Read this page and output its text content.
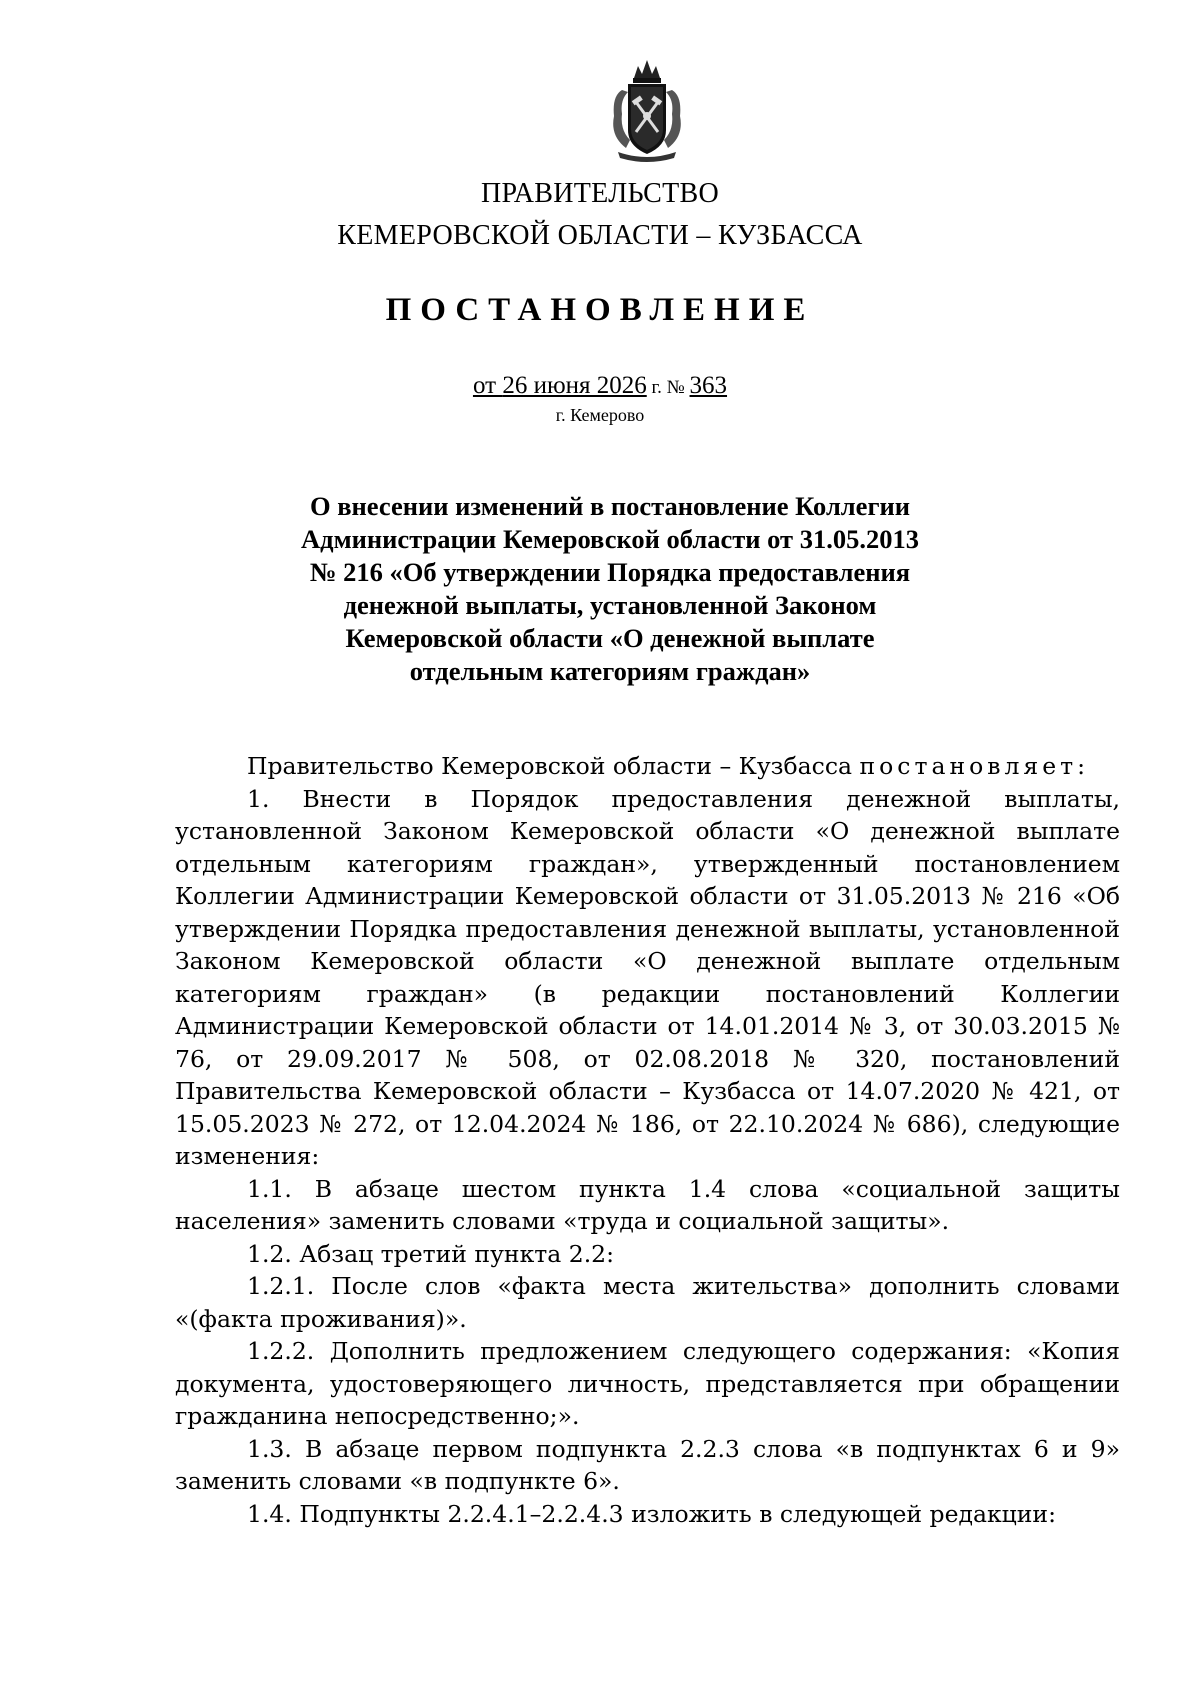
ПРАВИТЕЛЬСТВО
КЕМЕРОВСКОЙ ОБЛАСТИ – КУЗБАССА
ПОСТАНОВЛЕНИЕ
от 26 июня 2026 г. № 363
г. Кемерово
О внесении изменений в постановление Коллегии
Администрации Кемеровской области от 31.05.2013
№ 216 «Об утверждении Порядка предоставления
денежной выплаты, установленной Законом
Кемеровской области «О денежной выплате
отдельным категориям граждан»

Правительство Кемеровской области – Кузбасса постановляет:

1. Внести в Порядок предоставления денежной выплаты, установленной Законом Кемеровской области «О денежной выплате отдельным категориям граждан», утвержденный постановлением Коллегии Администрации Кемеровской области от 31.05.2013 № 216 «Об утверждении Порядка предоставления денежной выплаты, установленной Законом Кемеровской области «О денежной выплате отдельным категориям граждан» (в редакции постановлений Коллегии Администрации Кемеровской области от 14.01.2014 № 3, от 30.03.2015 № 76, от 29.09.2017 № 508, от 02.08.2018 № 320, постановлений Правительства Кемеровской области – Кузбасса от 14.07.2020 № 421, от 15.05.2023 № 272, от 12.04.2024 № 186, от 22.10.2024 № 686), следующие изменения:

1.1. В абзаце шестом пункта 1.4 слова «социальной защиты населения» заменить словами «труда и социальной защиты».

1.2. Абзац третий пункта 2.2:

1.2.1. После слов «факта места жительства» дополнить словами «(факта проживания)».

1.2.2. Дополнить предложением следующего содержания: «Копия документа, удостоверяющего личность, представляется при обращении гражданина непосредственно;».

1.3. В абзаце первом подпункта 2.2.3 слова «в подпунктах 6 и 9» заменить словами «в подпункте 6».

1.4. Подпункты 2.2.4.1–2.2.4.3 изложить в следующей редакции:
